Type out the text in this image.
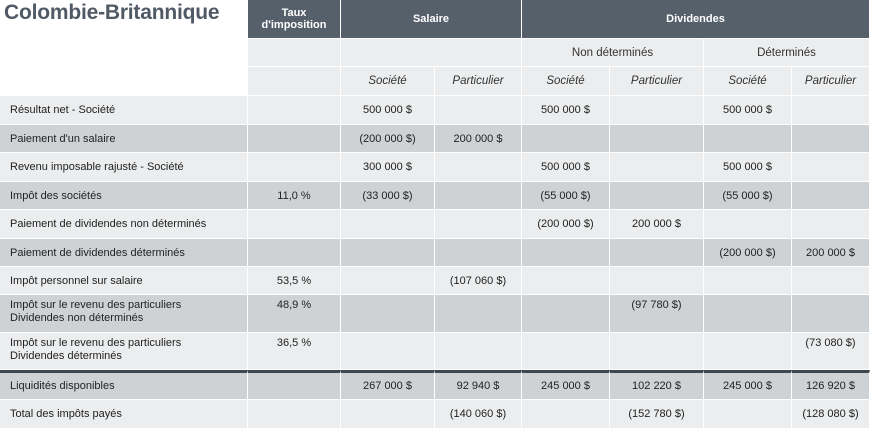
	Taux d'imposition	Salaire		Dividendes			
				Non déterminés		Déterminés	
		Société	Particulier	Société	Particulier	Société	Particulier
Résultat net - Société		500 000 $		500 000 $		500 000 $	
Paiement d'un salaire		(200 000 $)	200 000 $				
Revenu imposable rajusté - Société		300 000 $		500 000 $		500 000 $	
Impôt des sociétés	11,0 %	(33 000 $)		(55 000 $)		(55 000 $)	
Paiement de dividendes non déterminés				(200 000 $)	200 000 $		
Paiement de dividendes déterminés						(200 000 $)	200 000 $
Impôt personnel sur salaire	53,5 %		(107 060 $)				

Impôt sur le revenu des particuliers
Dividendes non déterminés	48,9 %				(97 780 $)		

Impôt sur le revenu des particuliers
Dividendes déterminés	36,5 %						(73 080 $)
Liquidités disponibles		267 000 $	92 940 $	245 000 $	102 220 $	245 000 $	126 920 $
Total des impôts payés			(140 060 $)		(152 780 $)		(128 080 $)
Colombie-Britannique
